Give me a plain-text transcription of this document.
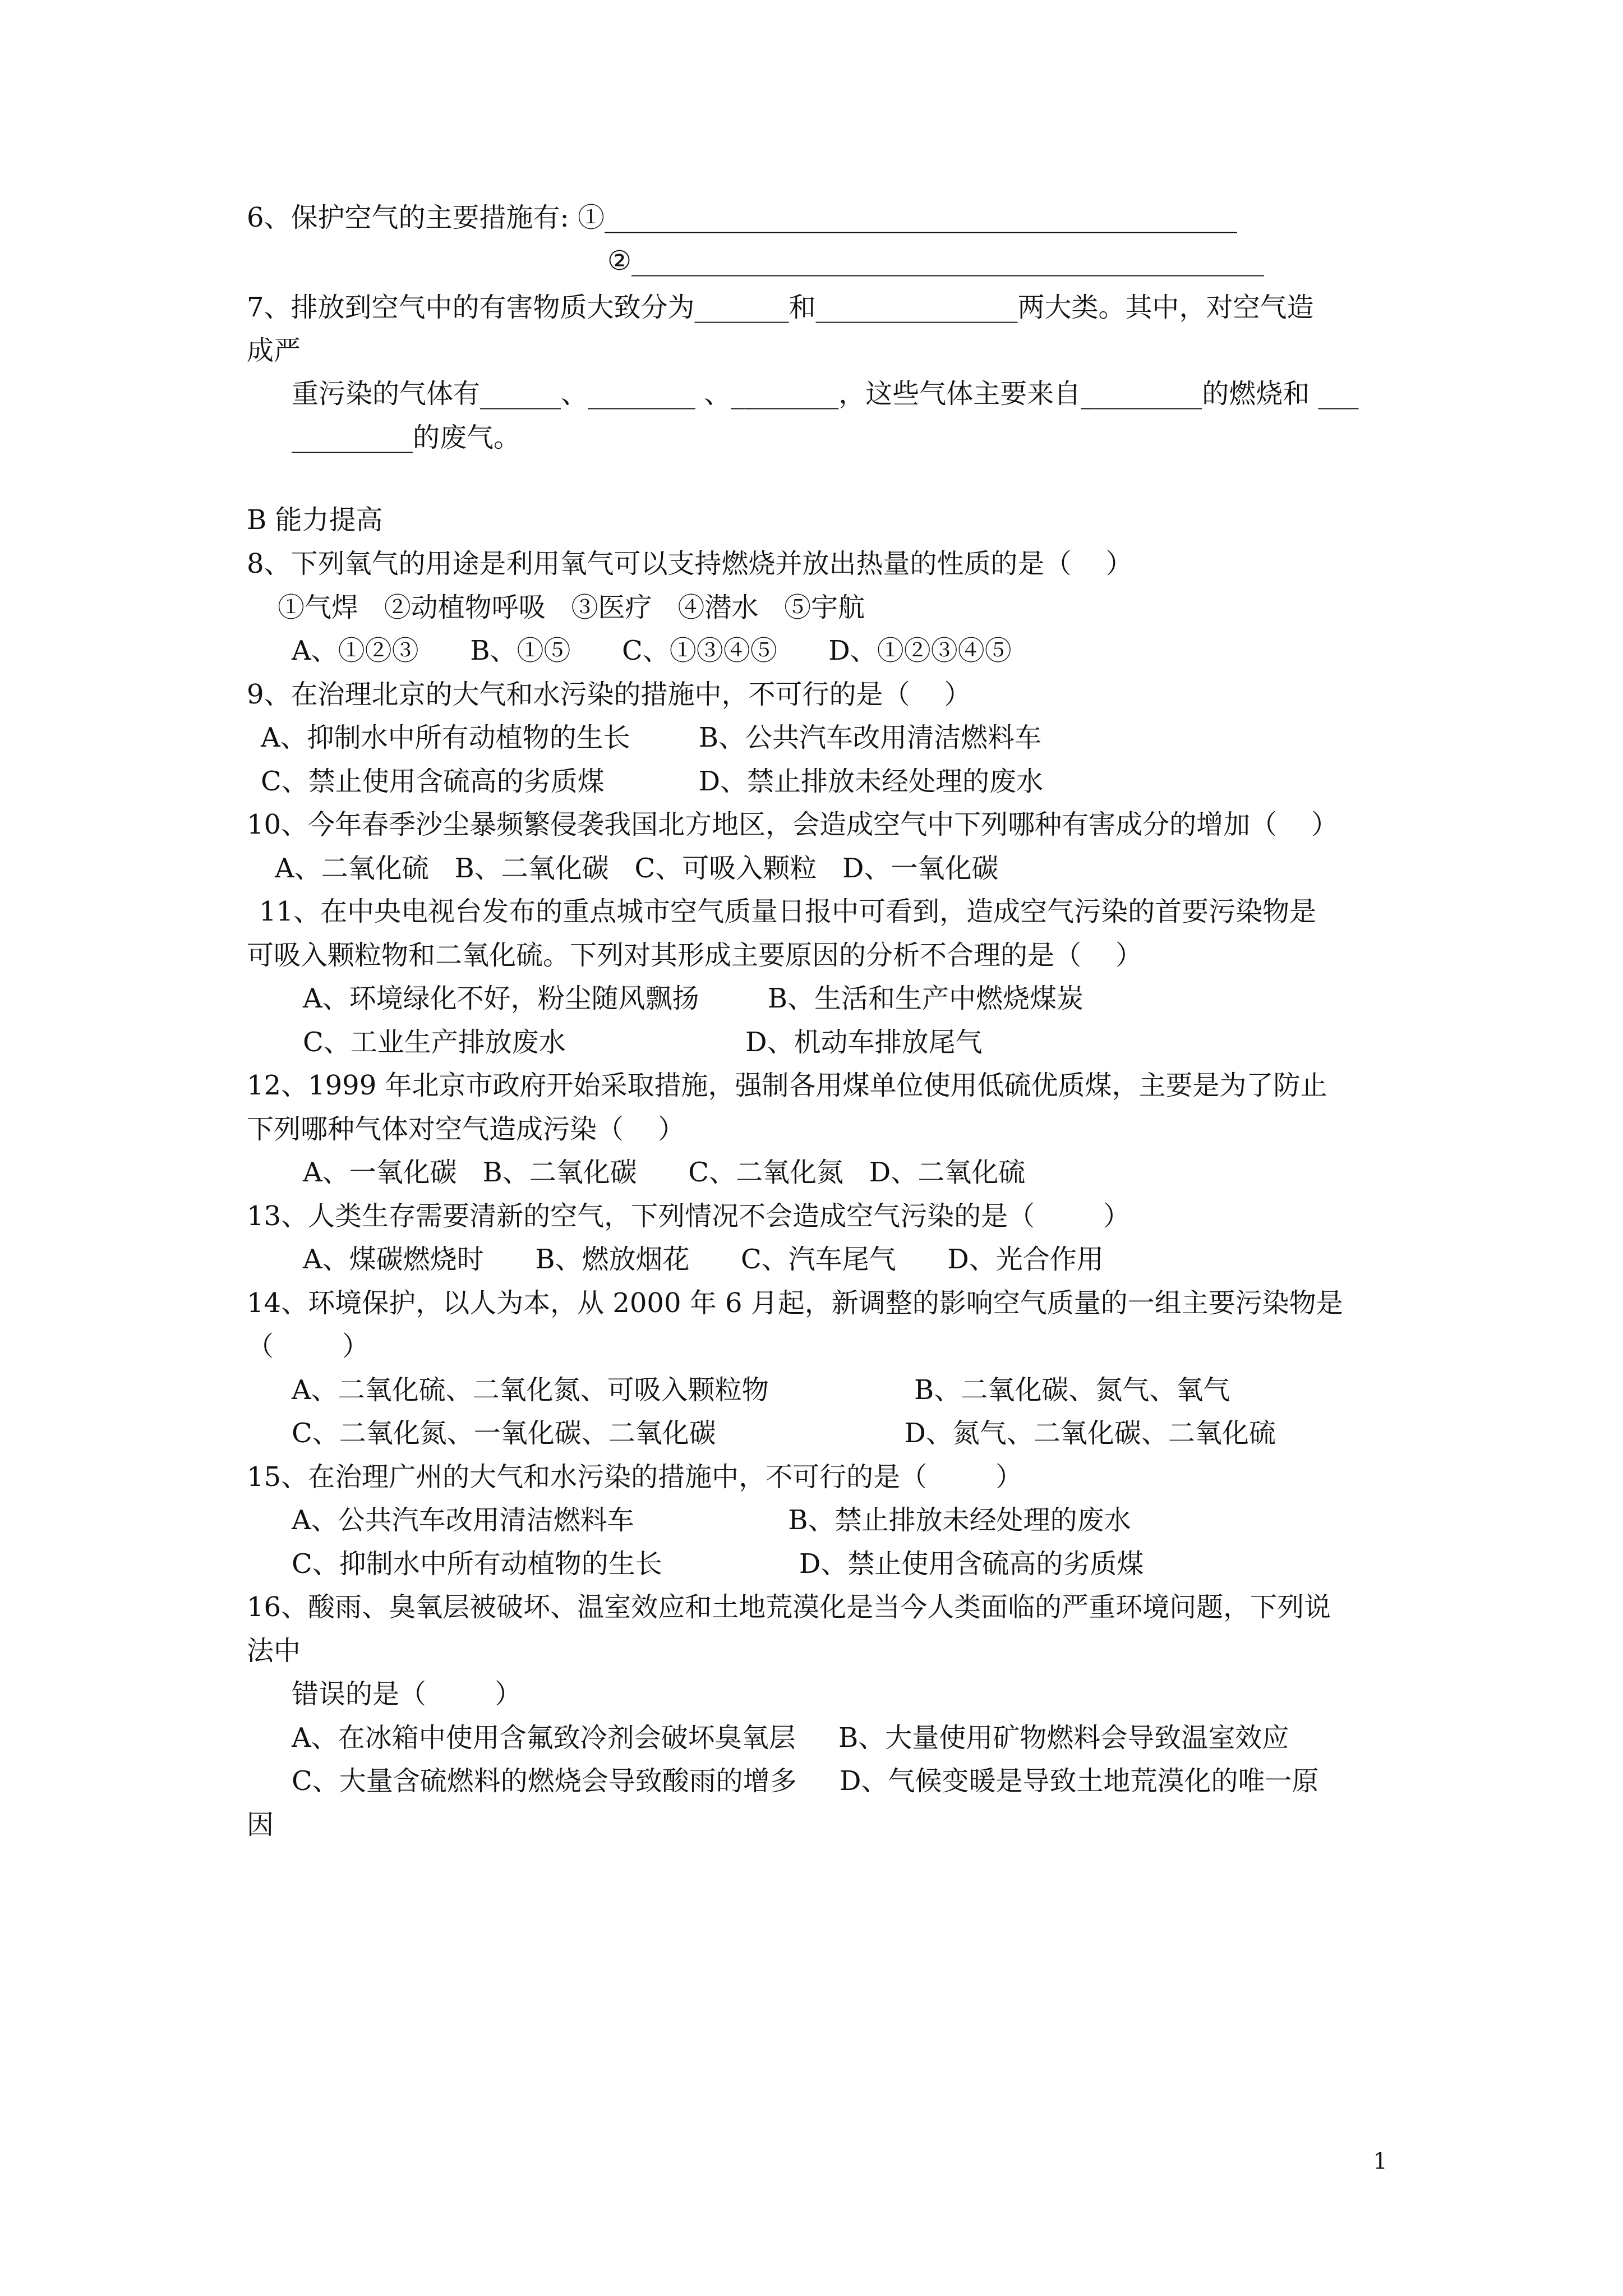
6、保护空气的主要措施有: ①_______________________________________________
②_______________________________________________
7、排放到空气中的有害物质大致分为_______和_______________两大类。其中，对空气造
成严
重污染的气体有______、________ 、________，这些气体主要来自_________的燃烧和 ___
_________的废气。
B 能力提高
8、下列氧气的用途是利用氧气可以支持燃烧并放出热量的性质的是（    ）
①气焊   ②动植物呼吸   ③医疗   ④潜水   ⑤宇航
A、①②③      B、①⑤      C、①③④⑤      D、①②③④⑤
9、在治理北京的大气和水污染的措施中，不可行的是（    ）
A、抑制水中所有动植物的生长        B、公共汽车改用清洁燃料车
C、禁止使用含硫高的劣质煤           D、禁止排放未经处理的废水
10、今年春季沙尘暴频繁侵袭我国北方地区，会造成空气中下列哪种有害成分的增加（    ）
A、二氧化硫   B、二氧化碳   C、可吸入颗粒   D、一氧化碳
11、在中央电视台发布的重点城市空气质量日报中可看到，造成空气污染的首要污染物是
可吸入颗粒物和二氧化硫。下列对其形成主要原因的分析不合理的是（    ）
A、环境绿化不好，粉尘随风飘扬        B、生活和生产中燃烧煤炭
C、工业生产排放废水                     D、机动车排放尾气
12、1999 年北京市政府开始采取措施，强制各用煤单位使用低硫优质煤，主要是为了防止
下列哪种气体对空气造成污染（    ）
A、一氧化碳   B、二氧化碳      C、二氧化氮   D、二氧化硫
13、人类生存需要清新的空气，下列情况不会造成空气污染的是（        ）
A、煤碳燃烧时      B、燃放烟花      C、汽车尾气      D、光合作用
14、环境保护，以人为本，从 2000 年 6 月起，新调整的影响空气质量的一组主要污染物是
（        ）
A、二氧化硫、二氧化氮、可吸入颗粒物                 B、二氧化碳、氮气、氧气
C、二氧化氮、一氧化碳、二氧化碳                      D、氮气、二氧化碳、二氧化硫
15、在治理广州的大气和水污染的措施中，不可行的是（        ）
A、公共汽车改用清洁燃料车                  B、禁止排放未经处理的废水
C、抑制水中所有动植物的生长                D、禁止使用含硫高的劣质煤
16、酸雨、臭氧层被破坏、温室效应和土地荒漠化是当今人类面临的严重环境问题，下列说
法中
错误的是（        ）
A、在冰箱中使用含氟致冷剂会破坏臭氧层     B、大量使用矿物燃料会导致温室效应
C、大量含硫燃料的燃烧会导致酸雨的增多     D、气候变暖是导致土地荒漠化的唯一原
因
1
